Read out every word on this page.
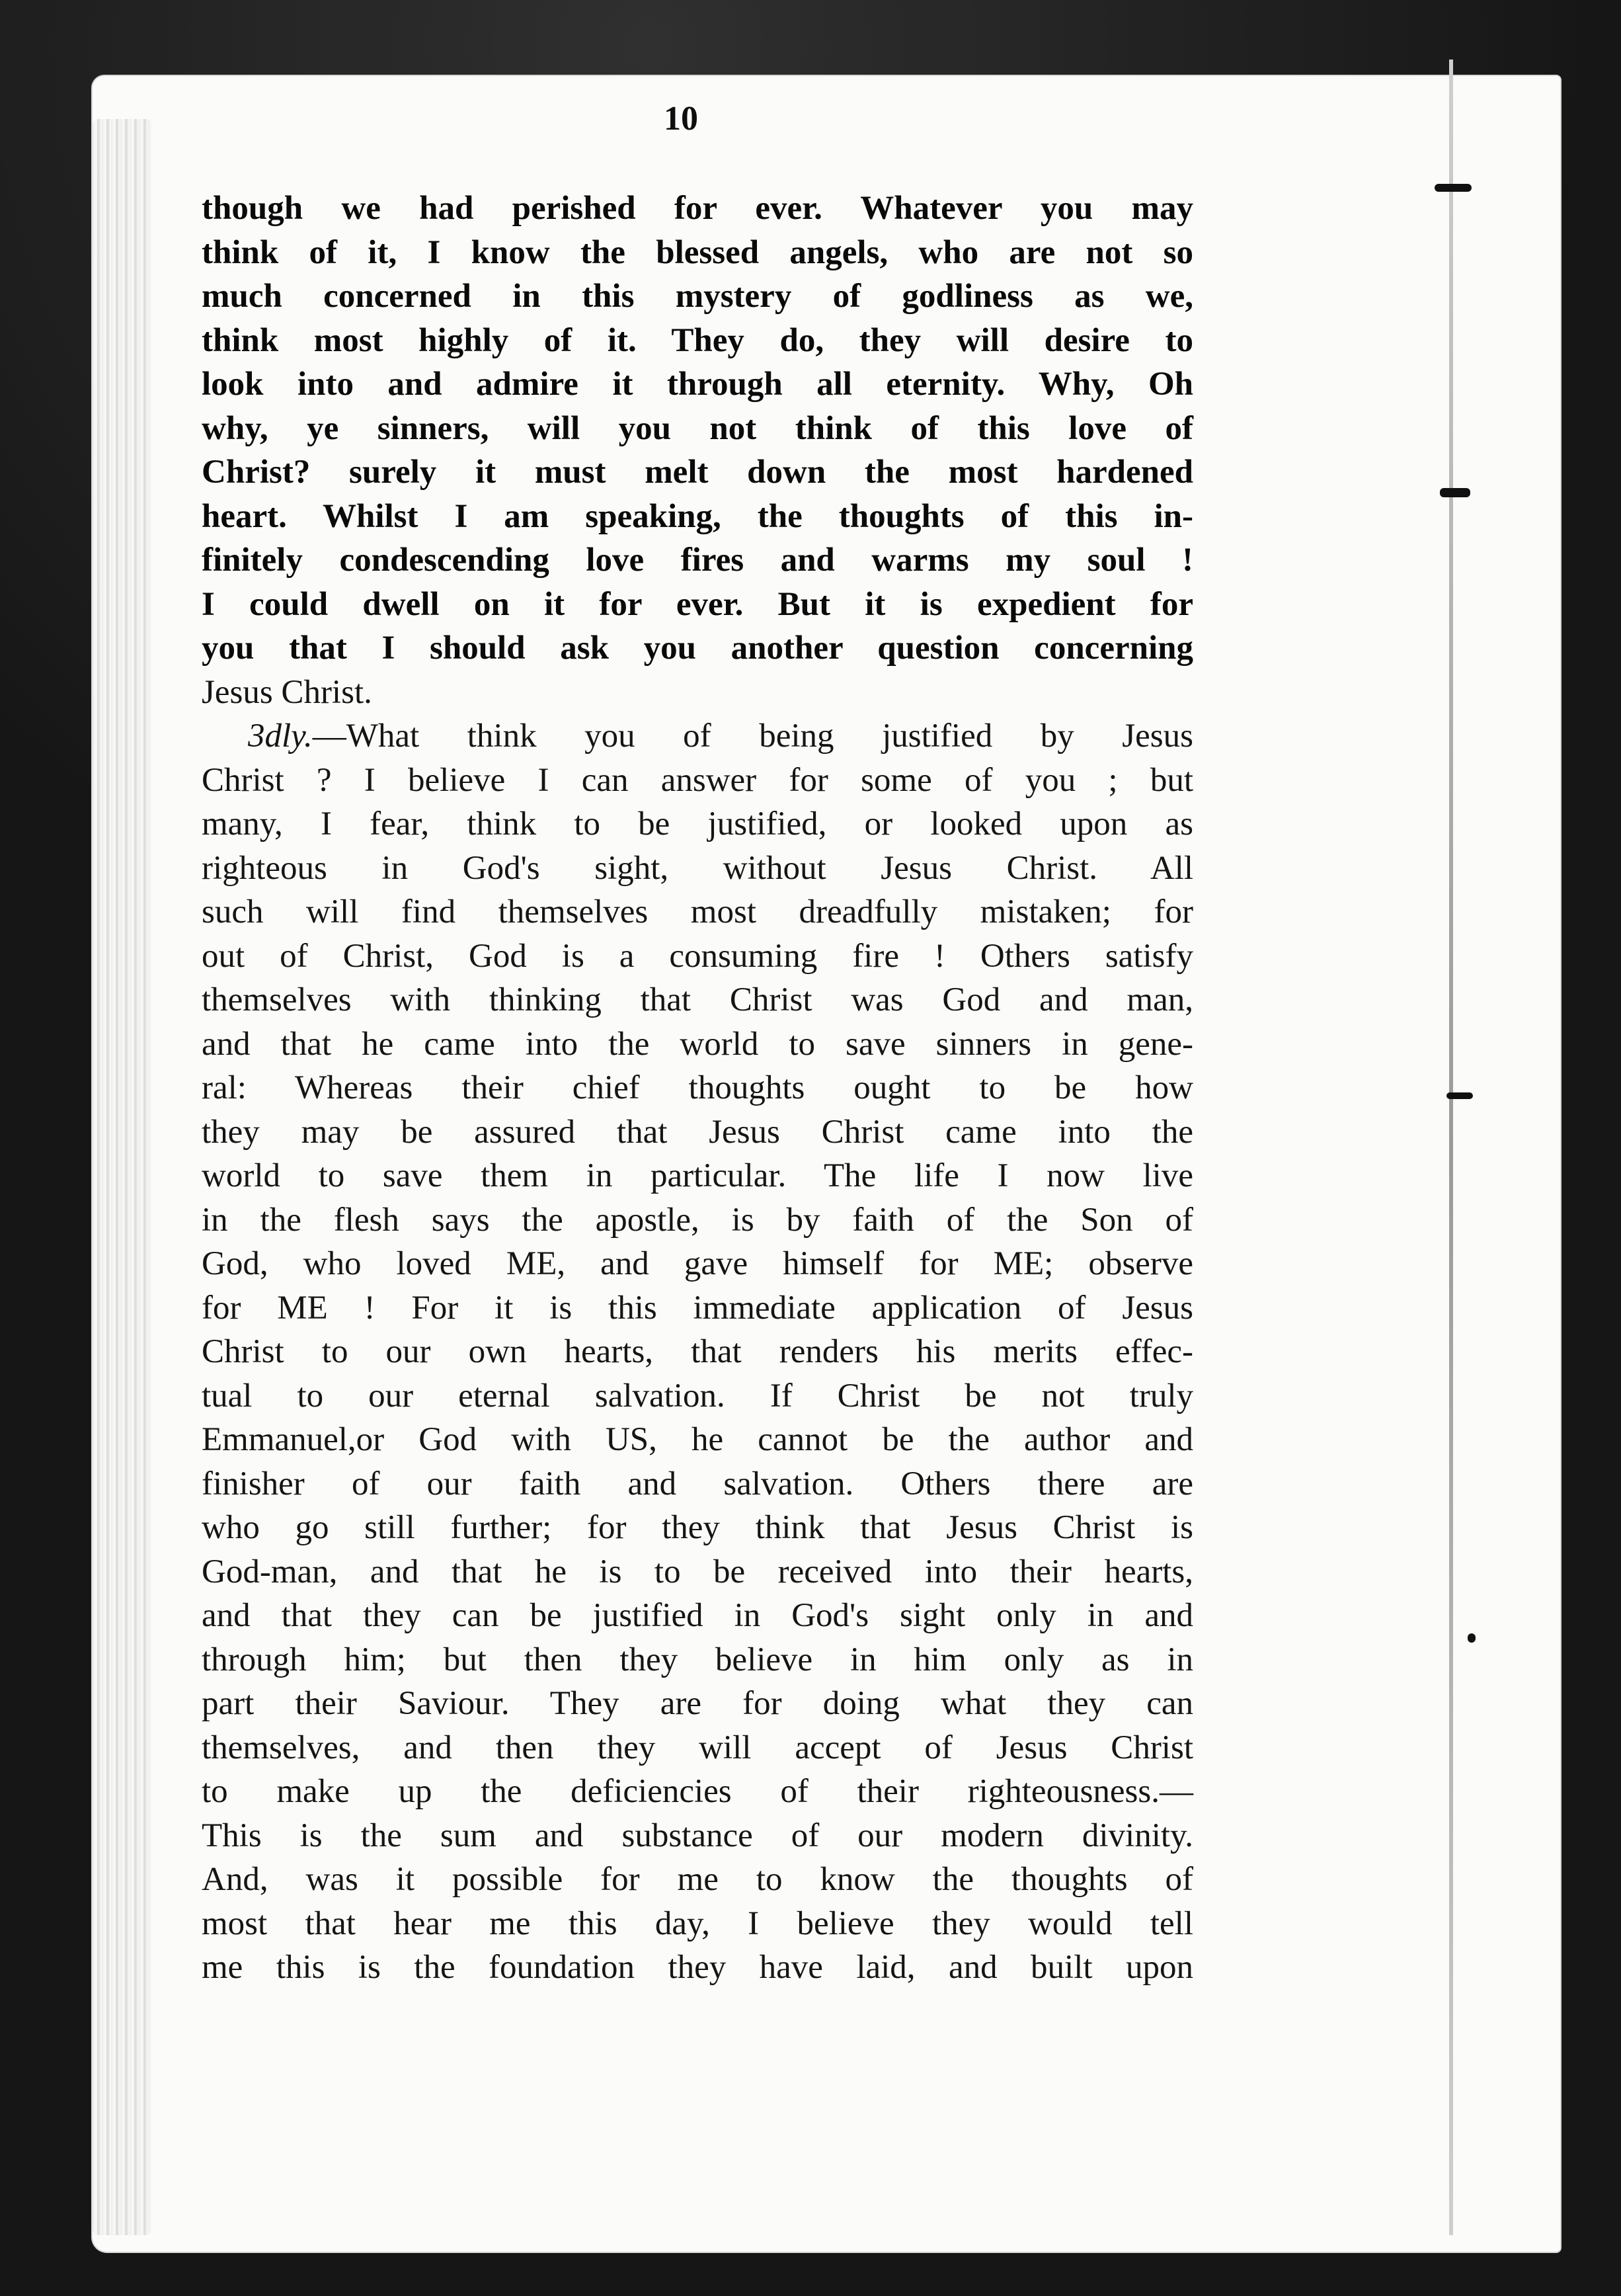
10
though we had perished for ever. Whatever you may
think of it, I know the blessed angels, who are not so
much concerned in this mystery of godliness as we,
think most highly of it. They do, they will desire to
look into and admire it through all eternity. Why, Oh
why, ye sinners, will you not think of this love of
Christ? surely it must melt down the most hardened
heart. Whilst I am speaking, the thoughts of this in-
finitely condescending love fires and warms my soul !
I could dwell on it for ever. But it is expedient for
you that I should ask you another question concerning
Jesus Christ.
3dly.—What think you of being justified by Jesus
Christ ? I believe I can answer for some of you ; but
many, I fear, think to be justified, or looked upon as
righteous in God's sight, without Jesus Christ. All
such will find themselves most dreadfully mistaken; for
out of Christ, God is a consuming fire ! Others satisfy
themselves with thinking that Christ was God and man,
and that he came into the world to save sinners in gene-
ral: Whereas their chief thoughts ought to be how
they may be assured that Jesus Christ came into the
world to save them in particular. The life I now live
in the flesh says the apostle, is by faith of the Son of
God, who loved ME, and gave himself for ME; observe
for ME ! For it is this immediate application of Jesus
Christ to our own hearts, that renders his merits effec-
tual to our eternal salvation. If Christ be not truly
Emmanuel,or God with US, he cannot be the author and
finisher of our faith and salvation. Others there are
who go still further; for they think that Jesus Christ is
God-man, and that he is to be received into their hearts,
and that they can be justified in God's sight only in and
through him; but then they believe in him only as in
part their Saviour. They are for doing what they can
themselves, and then they will accept of Jesus Christ
to make up the deficiencies of their righteousness.—
This is the sum and substance of our modern divinity.
And, was it possible for me to know the thoughts of
most that hear me this day, I believe they would tell
me this is the foundation they have laid, and built upon
